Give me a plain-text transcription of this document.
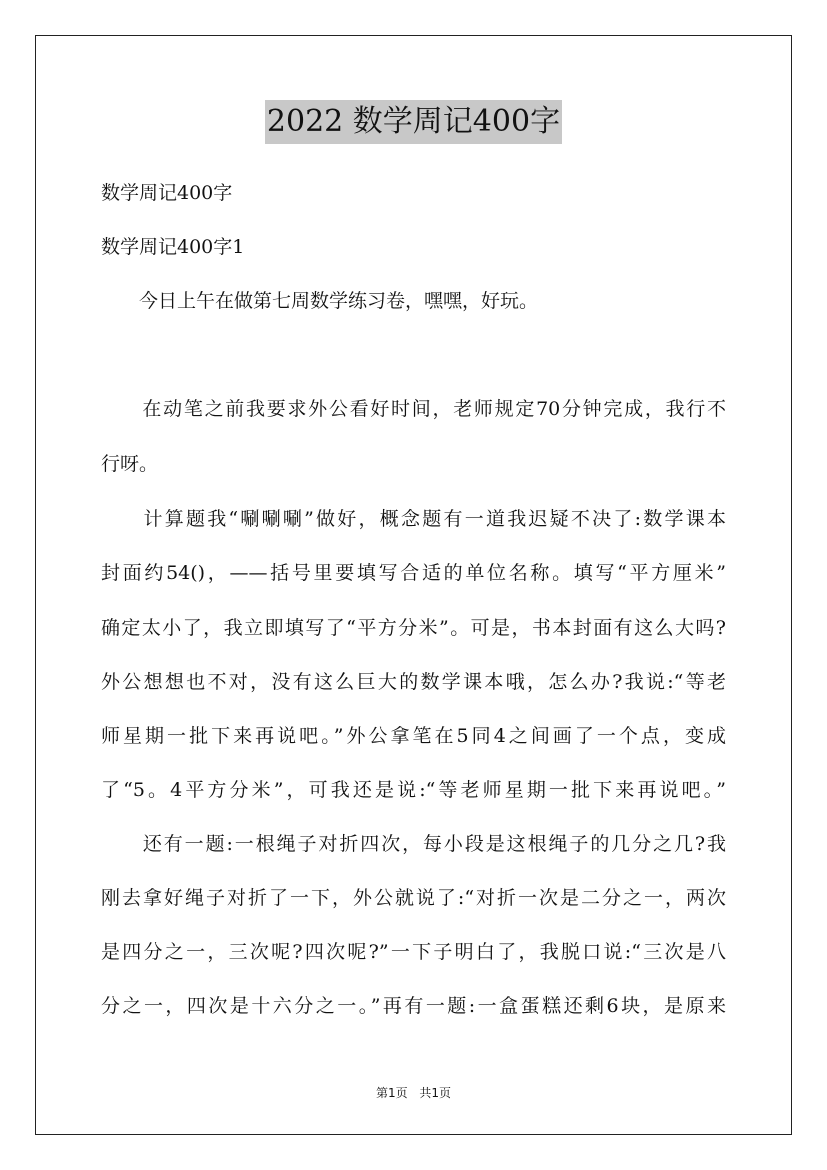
2022 数学周记400字
数学周记400字
数学周记400字1
　　今日上午在做第七周数学练习卷，嘿嘿，好玩。
　　在动笔之前我要求外公看好时间，老师规定70分钟完成，我行不
行呀。
　　计算题我“唰唰唰”做好，概念题有一道我迟疑不决了:数学课本
封面约54()，——括号里要填写合适的单位名称。填写“平方厘米”
确定太小了，我立即填写了“平方分米”。可是，书本封面有这么大吗?
外公想想也不对，没有这么巨大的数学课本哦，怎么办?我说:“等老
师星期一批下来再说吧。”外公拿笔在5同4之间画了一个点，变成
了“5。4平方分米”，可我还是说:“等老师星期一批下来再说吧。”
　　还有一题:一根绳子对折四次，每小段是这根绳子的几分之几?我
刚去拿好绳子对折了一下，外公就说了:“对折一次是二分之一，两次
是四分之一，三次呢?四次呢?”一下子明白了，我脱口说:“三次是八
分之一，四次是十六分之一。”再有一题:一盒蛋糕还剩6块，是原来
第1页 共1页
